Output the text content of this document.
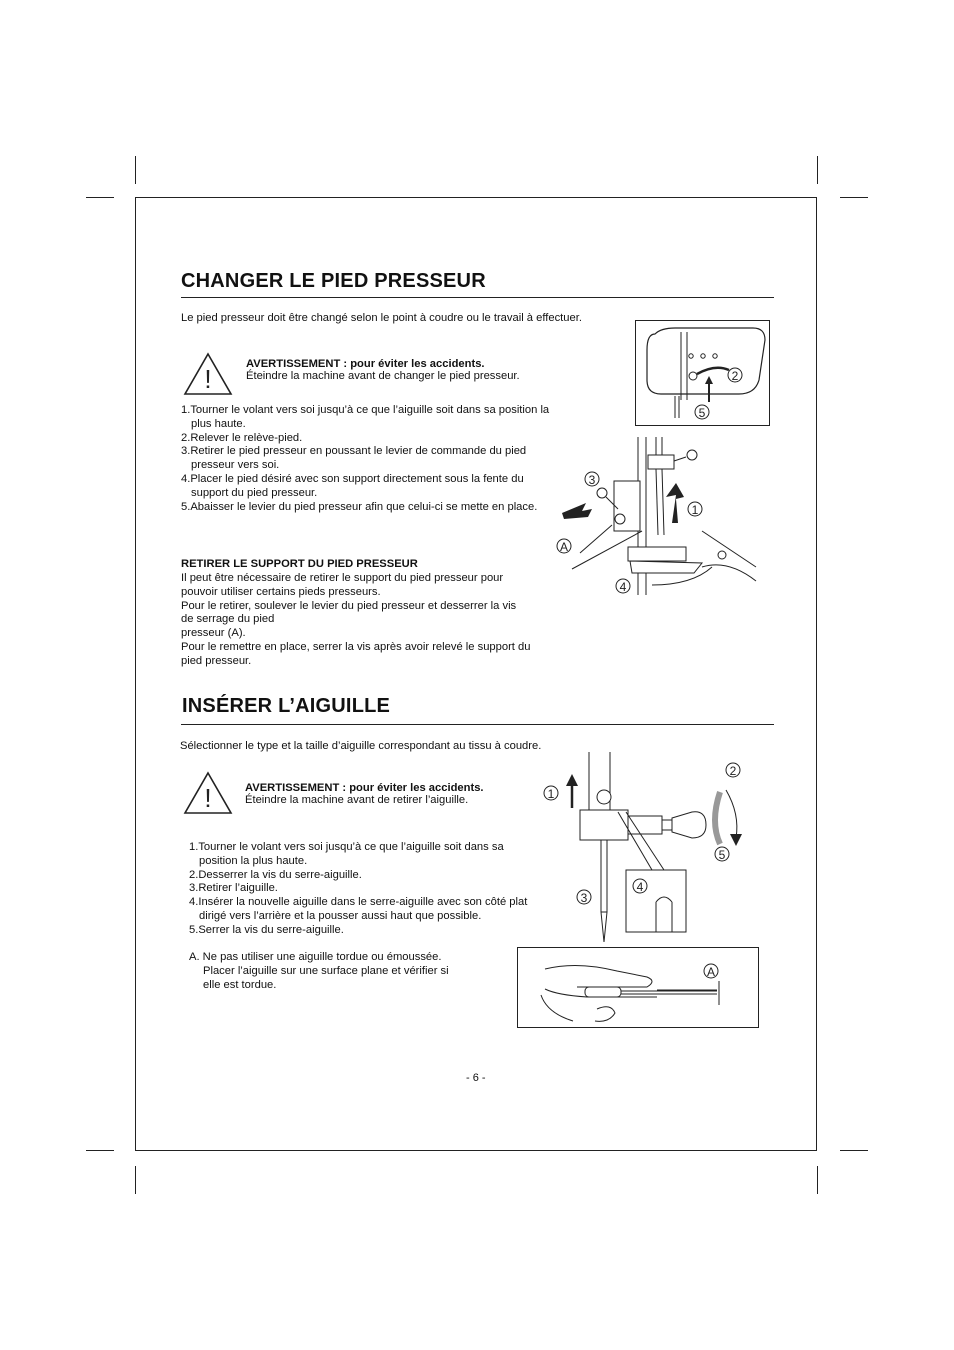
CHANGER LE PIED PRESSEUR

Le pied presseur doit être changé selon le point à coudre ou le travail à effectuer.

!	AVERTISSEMENT : pour éviter les accidents.
Éteindre la machine avant de changer le pied presseur.
1.Tourner le volant vers soi jusqu’à ce que l’aiguille soit dans sa position la plus haute.
2.Relever le relève-pied.
3.Retirer le pied presseur en poussant le levier de commande du pied presseur vers soi.
4.Placer le pied désiré avec son support directement sous la fente du support du pied presseur.
5.Abaisser le levier du pied presseur afin que celui-ci se mette en place.
RETIRER LE SUPPORT DU PIED PRESSEUR
Il peut être nécessaire de retirer le support du pied presseur pour
pouvoir utiliser certains pieds presseurs.
Pour le retirer, soulever le levier du pied presseur et desserrer la vis
de serrage du pied
presseur (A).
Pour le remettre en place, serrer la vis après avoir relevé le support du
pied presseur.
2
5
3
1
A
4
INSÉRER L’AIGUILLE

Sélectionner le type et la taille d’aiguille correspondant au tissu à coudre.

!	AVERTISSEMENT : pour éviter les accidents.
Éteindre la machine avant de retirer l’aiguille.
1.Tourner le volant vers soi jusqu’à ce que l’aiguille soit dans sa position la plus haute.
2.Desserrer la vis du serre-aiguille.
3.Retirer l’aiguille.
4.Insérer la nouvelle aiguille dans le serre-aiguille avec son côté plat dirigé vers l’arrière et la pousser aussi haut que possible.
5.Serrer la vis du serre-aiguille.
A. Ne pas utiliser une aiguille tordue ou émoussée.
Placer l’aiguille sur une surface plane et vérifier si
elle est tordue.
1
2
5
4
3
A
- 6 -
